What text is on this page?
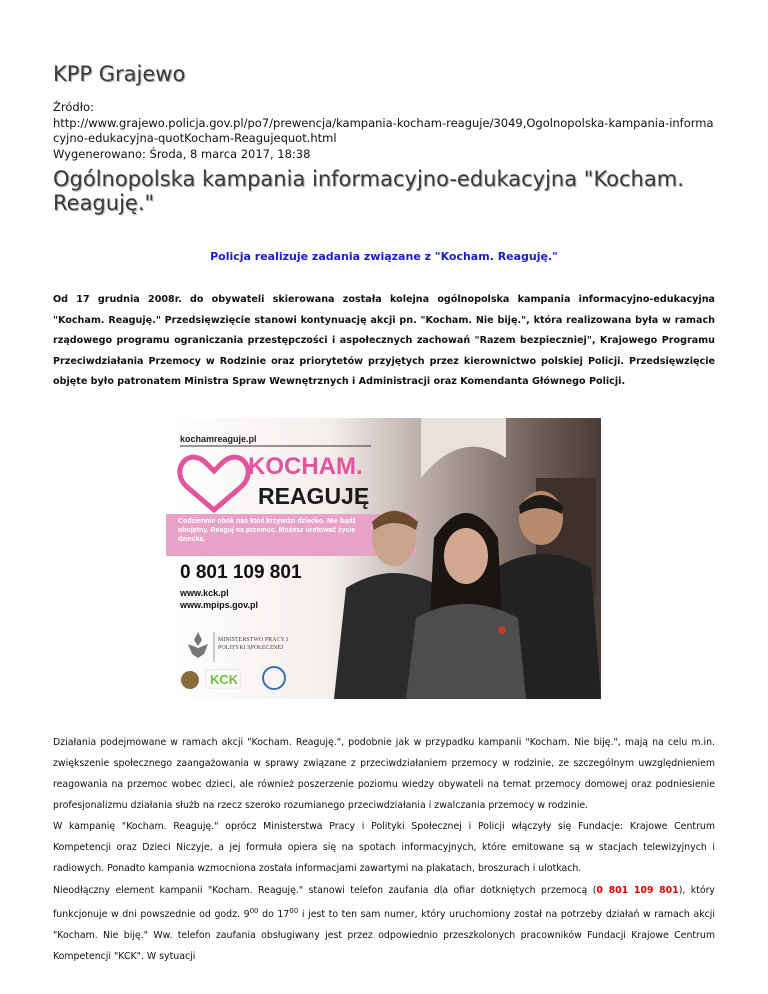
KPP Grajewo
Źródło:
http://www.grajewo.policja.gov.pl/po7/prewencja/kampania-kocham-reaguje/3049,Ogolnopolska-kampania-informacyjno-edukacyjna-quotKocham-Reagujequot.html
Wygenerowano: Środa, 8 marca 2017, 18:38
Ogólnopolska kampania informacyjno-edukacyjna "Kocham. Reaguję."
Policja realizuje zadania związane z "Kocham. Reaguję."
Od 17 grudnia 2008r. do obywateli skierowana została kolejna ogólnopolska kampania informacyjno-edukacyjna "Kocham. Reaguję." Przedsięwzięcie stanowi kontynuację akcji pn. "Kocham. Nie biję.", która realizowana była w ramach rządowego programu ograniczania przestępczości i aspołecznych zachowań "Razem bezpieczniej", Krajowego Programu Przeciwdziałania Przemocy w Rodzinie oraz priorytetów przyjętych przez kierownictwo polskiej Policji. Przedsięwzięcie objęte było patronatem Ministra Spraw Wewnętrznych i Administracji oraz Komendanta Głównego Policji.
kochamreaguje.pl
KOCHAM.
REAGUJĘ
Codziennie obok nas ktoś krzywdzi dziecko. Nie bądź obojętny. Reaguj na przemoc. Możesz uratować życie dziecka.
0 801 109 801
www.kck.pl
www.mpips.gov.pl
MINISTERSTWO PRACY I POLITYKI SPOŁECZNEJ
KCK
Działania podejmowane w ramach akcji "Kocham. Reaguję.", podobnie jak w przypadku kampanii "Kocham. Nie biję.", mają na celu m.in. zwiększenie społecznego zaangażowania w sprawy związane z przeciwdziałaniem przemocy w rodzinie, ze szczególnym uwzględnieniem reagowania na przemoc wobec dzieci, ale również poszerzenie poziomu wiedzy obywateli na temat przemocy domowej oraz podniesienie profesjonalizmu działania służb na rzecz szeroko rozumianego przeciwdziałania i zwalczania przemocy w rodzinie.
W kampanię "Kocham. Reaguję." oprócz Ministerstwa Pracy i Polityki Społecznej i Policji włączyły się Fundacje: Krajowe Centrum Kompetencji oraz Dzieci Niczyje, a jej formuła opiera się na spotach informacyjnych, które emitowane są w stacjach telewizyjnych i radiowych. Ponadto kampania wzmocniona została informacjami zawartymi na plakatach, broszurach i ulotkach.
Nieodłączny element kampanii "Kocham. Reaguję." stanowi telefon zaufania dla ofiar dotkniętych przemocą (0 801 109 801), który funkcjonuje w dni powszednie od godz. $9^{00}$ do $17^{00}$ i jest to ten sam numer, który uruchomiony został na potrzeby działań w ramach akcji "Kocham. Nie biję." Ww. telefon zaufania obsługiwany jest przez odpowiednio przeszkolonych pracowników Fundacji Krajowe Centrum Kompetencji "KCK". W sytuacji
